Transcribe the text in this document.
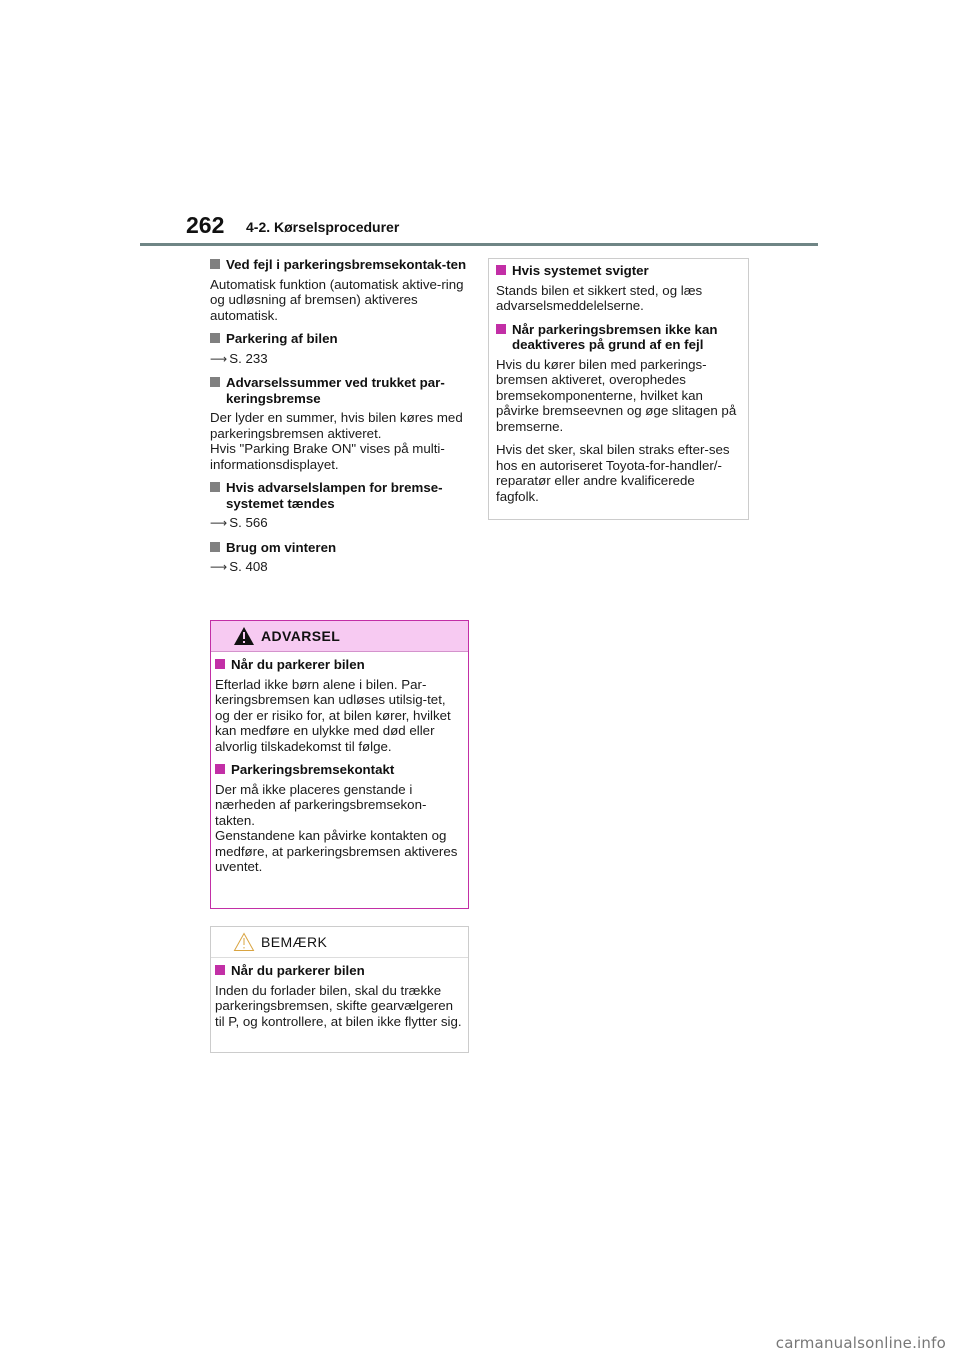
262 4-2. Kørselsprocedurer
Ved fejl i parkeringsbremsekontak-ten

Automatisk funktion (automatisk aktive-ring og udløsning af bremsen) aktiveres automatisk.

Parkering af bilen

⟶ S. 233

Advarselssummer ved trukket par-keringsbremse

Der lyder en summer, hvis bilen køres med parkeringsbremsen aktiveret.

Hvis "Parking Brake ON" vises på multi-informationsdisplayet.

Hvis advarselslampen for bremse-systemet tændes

⟶ S. 566

Brug om vinteren

⟶ S. 408

ADVARSEL
Når du parkerer bilen

Efterlad ikke børn alene i bilen. Par-keringsbremsen kan udløses utilsig-tet, og der er risiko for, at bilen kører, hvilket kan medføre en ulykke med død eller alvorlig tilskadekomst til følge.

Parkeringsbremsekontakt

Der må ikke placeres genstande i nærheden af parkeringsbremsekon-takten.

Genstandene kan påvirke kontakten og medføre, at parkeringsbremsen aktiveres uventet.

BEMÆRK
Når du parkerer bilen

Inden du forlader bilen, skal du trække parkeringsbremsen, skifte gearvælgeren til P, og kontrollere, at bilen ikke flytter sig.

Hvis systemet svigter

Stands bilen et sikkert sted, og læs advarselsmeddelelserne.

Når parkeringsbremsen ikke kan deaktiveres på grund af en fejl

Hvis du kører bilen med parkerings-bremsen aktiveret, overophedes bremsekomponenterne, hvilket kan påvirke bremseevnen og øge slitagen på bremserne.

Hvis det sker, skal bilen straks efter-ses hos en autoriseret Toyota-for-handler/-reparatør eller andre kvalificerede fagfolk.

carmanualsonline.info
